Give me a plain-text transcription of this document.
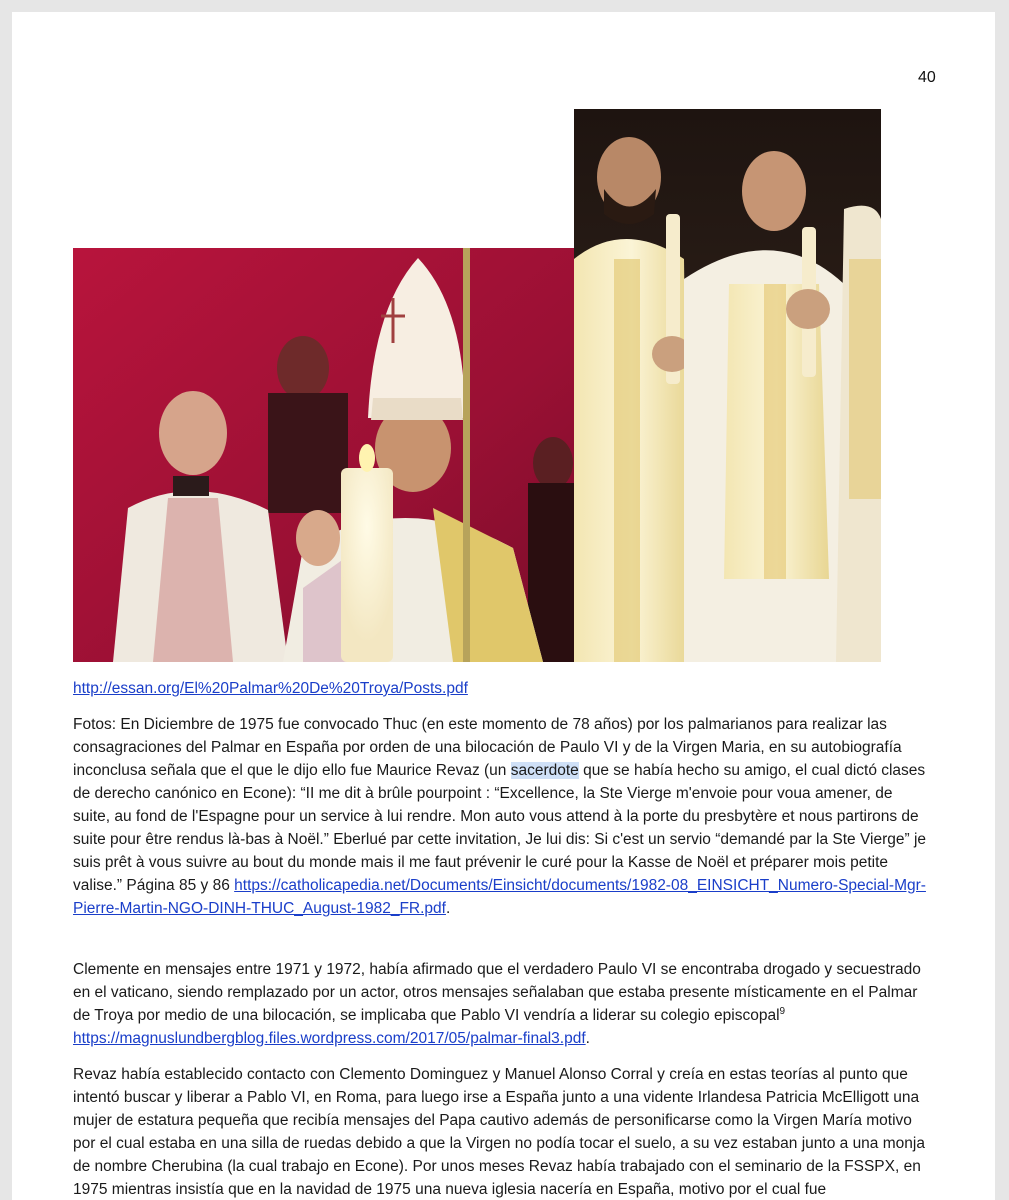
40
http://essan.org/El%20Palmar%20De%20Troya/Posts.pdf

Fotos: En Diciembre de 1975 fue convocado Thuc (en este momento de 78 años) por los palmarianos para realizar las consagraciones del Palmar en España por orden de una bilocación de Paulo VI y de la Virgen Maria, en su autobiografía inconclusa señala que el que le dijo ello fue Maurice Revaz (un sacerdote que se había hecho su amigo, el cual dictó clases de derecho canónico en Econe): “II me dit à brûle pourpoint : “Excellence, la Ste Vierge m'envoie pour voua amener, de suite, au fond de l'Espagne pour un service à lui rendre. Mon auto vous attend à la porte du presbytère et nous partirons de suite pour être rendus là-bas à Noël.” Eberlué par cette invitation, Je lui dis: Si c'est un servio “demandé par la Ste Vierge” je suis prêt à vous suivre au bout du monde mais il me faut prévenir le curé pour la Kasse de Noël et préparer mois petite valise.” Página 85 y 86 https://catholicapedia.net/Documents/Einsicht/documents/1982-08_EINSICHT_Numero-Special-Mgr-Pierre-Martin-NGO-DINH-THUC_August-1982_FR.pdf.

Clemente en mensajes entre 1971 y 1972, había afirmado que el verdadero Paulo VI se encontraba drogado y secuestrado en el vaticano, siendo remplazado por un actor, otros mensajes señalaban que estaba presente místicamente en el Palmar de Troya por medio de una bilocación, se implicaba que Pablo VI vendría a liderar su colegio episcopal$^9$ https://magnuslundbergblog.files.wordpress.com/2017/05/palmar-final3.pdf.

Revaz había establecido contacto con Clemento Dominguez y Manuel Alonso Corral y creía en estas teorías al punto que intentó buscar y liberar a Pablo VI, en Roma, para luego irse a España junto a una vidente Irlandesa Patricia McElligott una mujer de estatura pequeña que recibía mensajes del Papa cautivo además de personificarse como la Virgen María motivo por el cual estaba en una silla de ruedas debido a que la Virgen no podía tocar el suelo, a su vez estaban junto a una monja de nombre Cherubina (la cual trabajo en Econe). Por unos meses Revaz había trabajado con el seminario de la FSSPX, en 1975 mientras insistía que en la navidad de 1975 una nueva iglesia nacería en España, motivo por el cual fue
